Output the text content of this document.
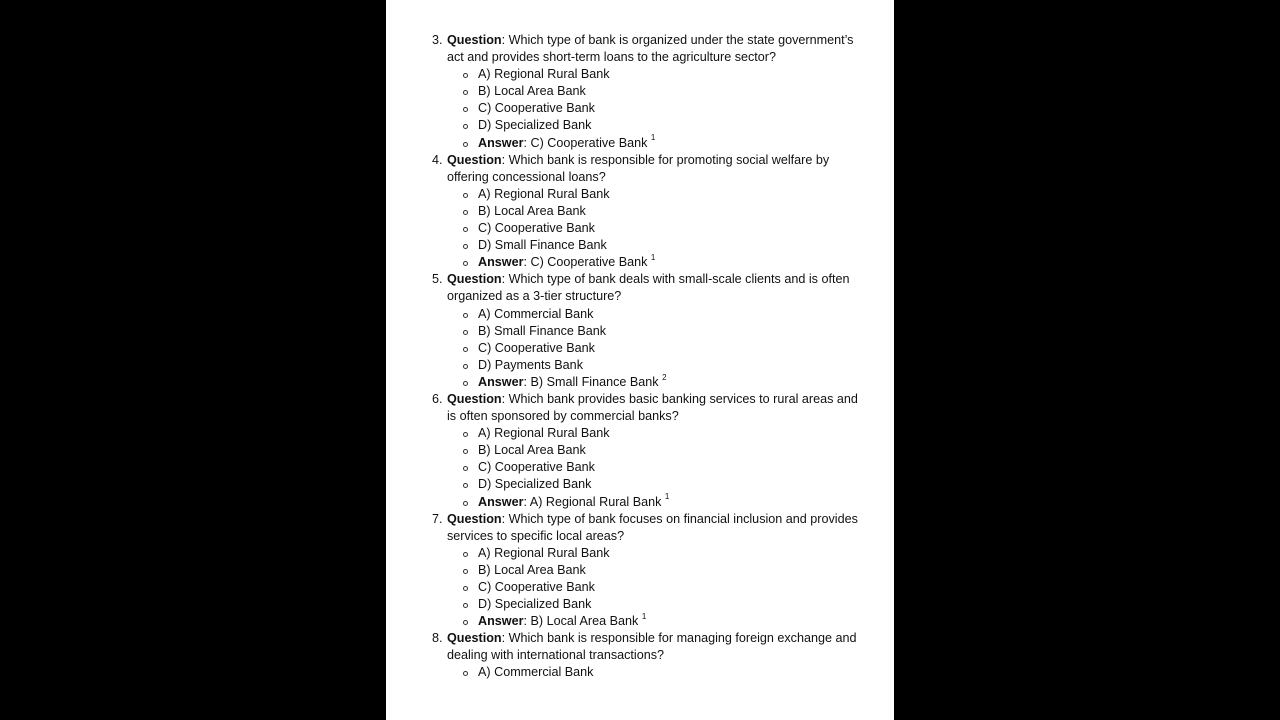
3. Question: Which type of bank is organized under the state government’s act and provides short-term loans to the agriculture sector?
A) Regional Rural Bank
B) Local Area Bank
C) Cooperative Bank
D) Specialized Bank
Answer: C) Cooperative Bank $^1$
4. Question: Which bank is responsible for promoting social welfare by offering concessional loans?
A) Regional Rural Bank
B) Local Area Bank
C) Cooperative Bank
D) Small Finance Bank
Answer: C) Cooperative Bank $^1$
5. Question: Which type of bank deals with small-scale clients and is often organized as a 3-tier structure?
A) Commercial Bank
B) Small Finance Bank
C) Cooperative Bank
D) Payments Bank
Answer: B) Small Finance Bank $^2$
6. Question: Which bank provides basic banking services to rural areas and is often sponsored by commercial banks?
A) Regional Rural Bank
B) Local Area Bank
C) Cooperative Bank
D) Specialized Bank
Answer: A) Regional Rural Bank $^1$
7. Question: Which type of bank focuses on financial inclusion and provides services to specific local areas?
A) Regional Rural Bank
B) Local Area Bank
C) Cooperative Bank
D) Specialized Bank
Answer: B) Local Area Bank $^1$
8. Question: Which bank is responsible for managing foreign exchange and dealing with international transactions?
A) Commercial Bank
